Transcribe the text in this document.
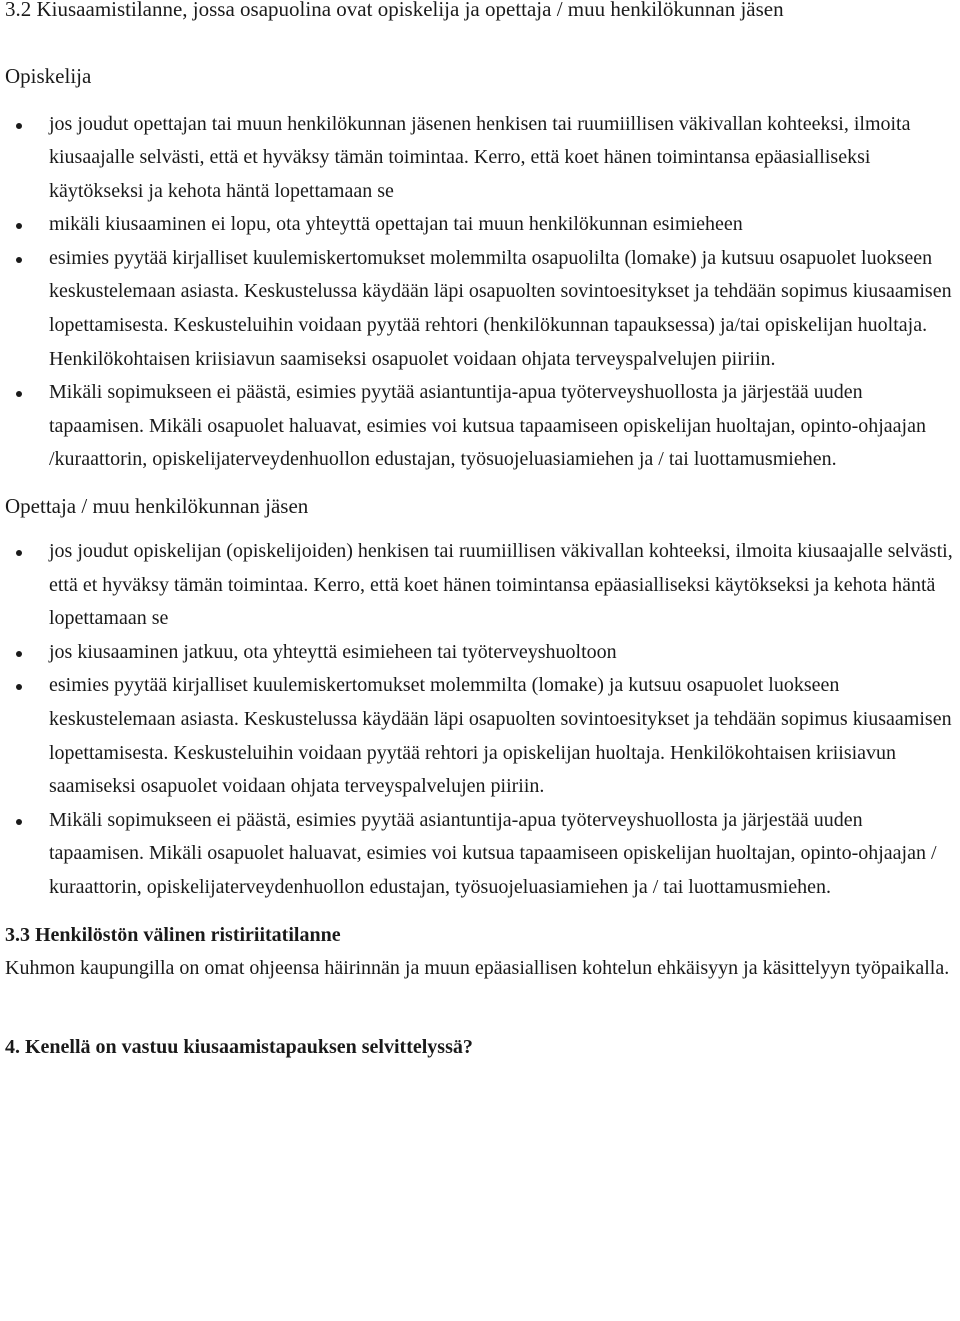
3.2 Kiusaamistilanne, jossa osapuolina ovat opiskelija ja opettaja / muu henkilökunnan jäsen
Opiskelija
jos joudut opettajan tai muun henkilökunnan jäsenen henkisen tai ruumiillisen väkivallan kohteeksi, ilmoita kiusaajalle selvästi, että et hyväksy tämän toimintaa. Kerro, että koet hänen toimintansa epäasialliseksi käytökseksi ja kehota häntä lopettamaan se
mikäli kiusaaminen ei lopu, ota yhteyttä opettajan tai muun henkilökunnan esimieheen
esimies pyytää kirjalliset kuulemiskertomukset molemmilta osapuolilta (lomake) ja kutsuu osapuolet luokseen keskustelemaan asiasta. Keskustelussa käydään läpi osapuolten sovintoesitykset ja tehdään sopimus kiusaamisen lopettamisesta. Keskusteluihin voidaan pyytää rehtori (henkilökunnan tapauksessa) ja/tai opiskelijan huoltaja. Henkilökohtaisen kriisiavun saamiseksi osapuolet voidaan ohjata terveyspalvelujen piiriin.
Mikäli sopimukseen ei päästä, esimies pyytää asiantuntija-apua työterveyshuollosta ja järjestää uuden tapaamisen. Mikäli osapuolet haluavat, esimies voi kutsua tapaamiseen opiskelijan huoltajan, opinto-ohjaajan /kuraattorin, opiskelijaterveydenhuollon edustajan, työsuojeluasiamiehen ja / tai luottamusmiehen.
Opettaja / muu henkilökunnan jäsen
jos joudut opiskelijan (opiskelijoiden) henkisen tai ruumiillisen väkivallan kohteeksi, ilmoita kiusaajalle selvästi, että et hyväksy tämän toimintaa. Kerro, että koet hänen toimintansa epäasialliseksi käytökseksi ja kehota häntä lopettamaan se
jos kiusaaminen jatkuu, ota yhteyttä esimieheen tai työterveyshuoltoon
esimies pyytää kirjalliset kuulemiskertomukset molemmilta (lomake) ja kutsuu osapuolet luokseen keskustelemaan asiasta. Keskustelussa käydään läpi osapuolten sovintoesitykset ja tehdään sopimus kiusaamisen lopettamisesta. Keskusteluihin voidaan pyytää rehtori ja opiskelijan huoltaja. Henkilökohtaisen kriisiavun saamiseksi osapuolet voidaan ohjata terveyspalvelujen piiriin.
Mikäli sopimukseen ei päästä, esimies pyytää asiantuntija-apua työterveyshuollosta ja järjestää uuden tapaamisen. Mikäli osapuolet haluavat, esimies voi kutsua tapaamiseen opiskelijan huoltajan, opinto-ohjaajan / kuraattorin, opiskelijaterveydenhuollon edustajan, työsuojeluasiamiehen ja / tai luottamusmiehen.
3.3 Henkilöstön välinen ristiriitatilanne

Kuhmon kaupungilla on omat ohjeensa häirinnän ja muun epäasiallisen kohtelun ehkäisyyn ja käsittelyyn työpaikalla.

4. Kenellä on vastuu kiusaamistapauksen selvittelyssä?
